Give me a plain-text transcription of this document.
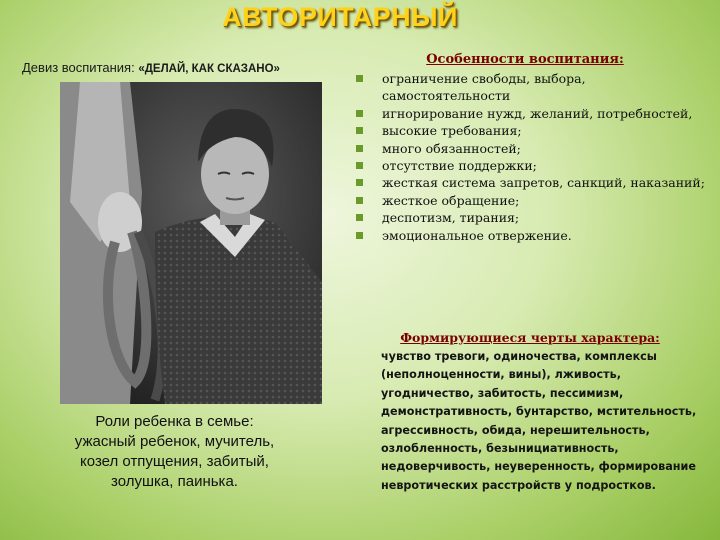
АВТОРИТАРНЫЙ
Девиз воспитания: «ДЕЛАЙ, КАК СКАЗАНО»
Роли ребенка в семье:
ужасный ребенок, мучитель,
козел отпущения, забитый,
золушка, паинька.
Особенности воспитания:
ограничение свободы, выбора, самостоятельности
игнорирование нужд, желаний, потребностей,
высокие требования;
много обязанностей;
отсутствие поддержки;
жесткая система запретов, санкций, наказаний;
жесткое обращение;
деспотизм, тирания;
эмоциональное отвержение.
Формирующиеся черты характера:
чувство тревоги, одиночества, комплексы (неполноценности, вины), лживость, угодничество, забитость, пессимизм, демонстративность, бунтарство, мстительность, агрессивность, обида, нерешительность, озлобленность, безынициативность, недоверчивость, неуверенность, формирование невротических расстройств у подростков.
